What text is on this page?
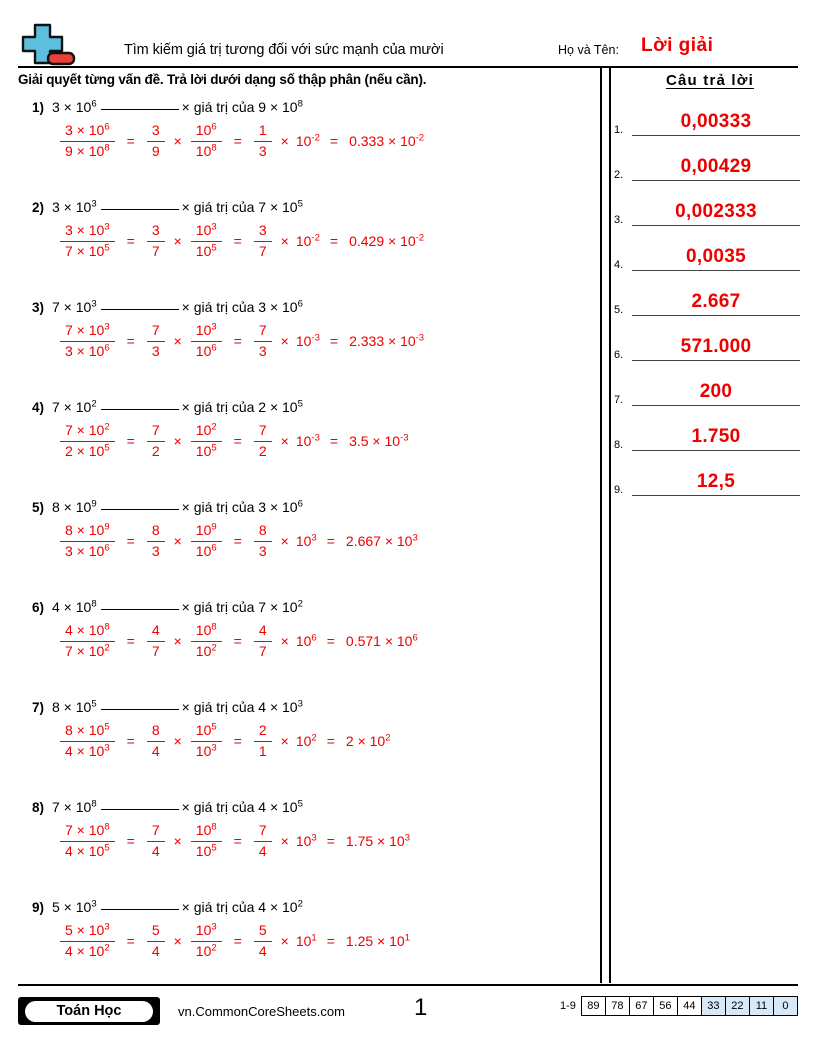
Tìm kiếm giá trị tương đối với sức mạnh của mười	Họ và Tên: Lời giải
Giải quyết từng vấn đề. Trả lời dưới dạng số thập phân (nếu cần).
1) $3 \times 10^6$	× giá trị của $9 \times 10^8$
$\frac{3 \times 10^6}{9 \times 10^8} = \frac{3}{9} \times \frac{10^6}{10^8} = \frac{1}{3} \times 10^{-2} = 0.333 \times 10^{-2}$
2) $3 \times 10^3$	× giá trị của $7 \times 10^5$
$\frac{3 \times 10^3}{7 \times 10^5} = \frac{3}{7} \times \frac{10^3}{10^5} = \frac{3}{7} \times 10^{-2} = 0.429 \times 10^{-2}$
3) $7 \times 10^3$	× giá trị của $3 \times 10^6$
$\frac{7 \times 10^3}{3 \times 10^6} = \frac{7}{3} \times \frac{10^3}{10^6} = \frac{7}{3} \times 10^{-3} = 2.333 \times 10^{-3}$
4) $7 \times 10^2$	× giá trị của $2 \times 10^5$
$\frac{7 \times 10^2}{2 \times 10^5} = \frac{7}{2} \times \frac{10^2}{10^5} = \frac{7}{2} \times 10^{-3} = 3.5 \times 10^{-3}$
5) $8 \times 10^9$	× giá trị của $3 \times 10^6$
$\frac{8 \times 10^9}{3 \times 10^6} = \frac{8}{3} \times \frac{10^9}{10^6} = \frac{8}{3} \times 10^3 = 2.667 \times 10^3$
6) $4 \times 10^8$	× giá trị của $7 \times 10^2$
$\frac{4 \times 10^8}{7 \times 10^2} = \frac{4}{7} \times \frac{10^8}{10^2} = \frac{4}{7} \times 10^6 = 0.571 \times 10^6$
7) $8 \times 10^5$	× giá trị của $4 \times 10^3$
$\frac{8 \times 10^5}{4 \times 10^3} = \frac{8}{4} \times \frac{10^5}{10^3} = \frac{2}{1} \times 10^2 = 2 \times 10^2$
8) $7 \times 10^8$	× giá trị của $4 \times 10^5$
$\frac{7 \times 10^8}{4 \times 10^5} = \frac{7}{4} \times \frac{10^8}{10^5} = \frac{7}{4} \times 10^3 = 1.75 \times 10^3$
9) $5 \times 10^3$	× giá trị của $4 \times 10^2$
$\frac{5 \times 10^3}{4 \times 10^2} = \frac{5}{4} \times \frac{10^3}{10^2} = \frac{5}{4} \times 10^1 = 1.25 \times 10^1$
Câu trả lời
1.	0,00333
2.	0,00429
3.	0,002333
4.	0,0035
5.	2.667
6.	571.000
7.	200
8.	1.750
9.	12,5
Toán Học	vn.CommonCoreSheets.com	1	1-9	89	78	67	56	44	33	22	11	0
